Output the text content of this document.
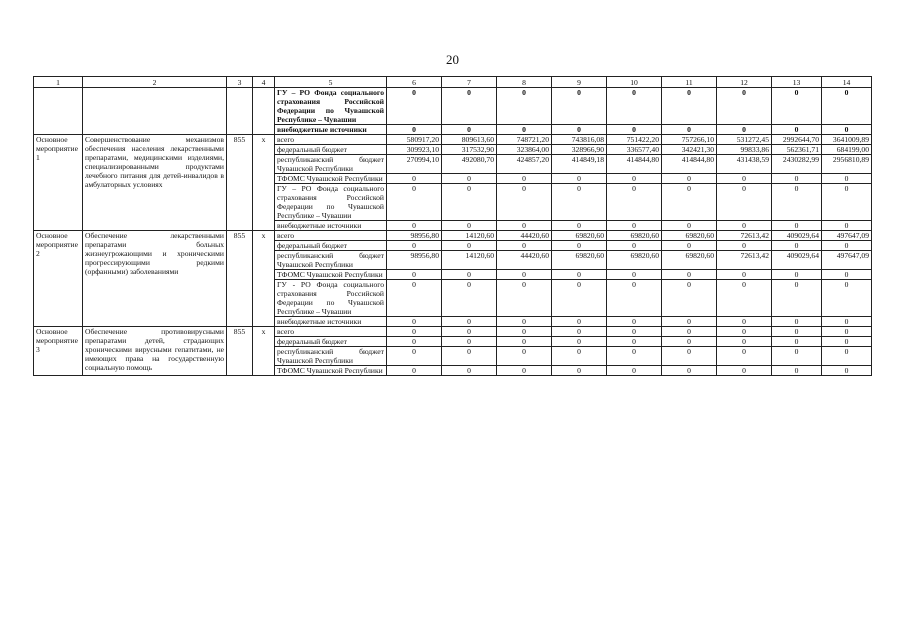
20
1	2	3	4	5	6	7	8	9	10	11	12	13	14
				ГУ – РО Фонда социального страхования Российской Федерации по Чувашской Республике – Чувашии	0	0	0	0	0	0	0	0	0
				внебюджетные источники	0	0	0	0	0	0	0	0	0
Основное мероприятие 1	Совершенствование механизмов обеспечения населения лекарственными препаратами, медицинскими изделиями, специализированными продуктами лечебного питания для детей-инвалидов в амбулаторных условиях	855	х	всего	580917,20	809613,60	748721,20	743816,08	751422,20	757266,10	531272,45	2992644,70	3641009,89
				федеральный бюджет	309923,10	317532,90	323864,00	328966,90	336577,40	342421,30	99833,86	562361,71	684199,00
				республиканский бюджет Чувашской Республики	270994,10	492080,70	424857,20	414849,18	414844,80	414844,80	431438,59	2430282,99	2956810,89
				ТФОМС Чувашской Республики	0	0	0	0	0	0	0	0	0
				ГУ – РО Фонда социального страхования Российской Федерации по Чувашской Республике – Чувашии	0	0	0	0	0	0	0	0	0
				внебюджетные источники	0	0	0	0	0	0	0	0	0
Основное мероприятие 2	Обеспечение лекарственными препаратами больных жизнеугрожающими и хроническими прогрессирующими редкими (орфанными) заболеваниями	855	х	всего	98956,80	14120,60	44420,60	69820,60	69820,60	69820,60	72613,42	409029,64	497647,09
				федеральный бюджет	0	0	0	0	0	0	0	0	0
				республиканский бюджет Чувашской Республики	98956,80	14120,60	44420,60	69820,60	69820,60	69820,60	72613,42	409029,64	497647,09
				ТФОМС Чувашской Республики	0	0	0	0	0	0	0	0	0
				ГУ - РО Фонда социального страхования Российской Федерации по Чувашской Республике – Чувашии	0	0	0	0	0	0	0	0	0
				внебюджетные источники	0	0	0	0	0	0	0	0	0
Основное мероприятие 3	Обеспечение противовирусными препаратами детей, страдающих хроническими вирусными гепатитами, не имеющих права на государственную социальную помощь	855	х	всего	0	0	0	0	0	0	0	0	0
				федеральный бюджет	0	0	0	0	0	0	0	0	0
				республиканский бюджет Чувашской Республики	0	0	0	0	0	0	0	0	0
				ТФОМС Чувашской Республики	0	0	0	0	0	0	0	0	0
